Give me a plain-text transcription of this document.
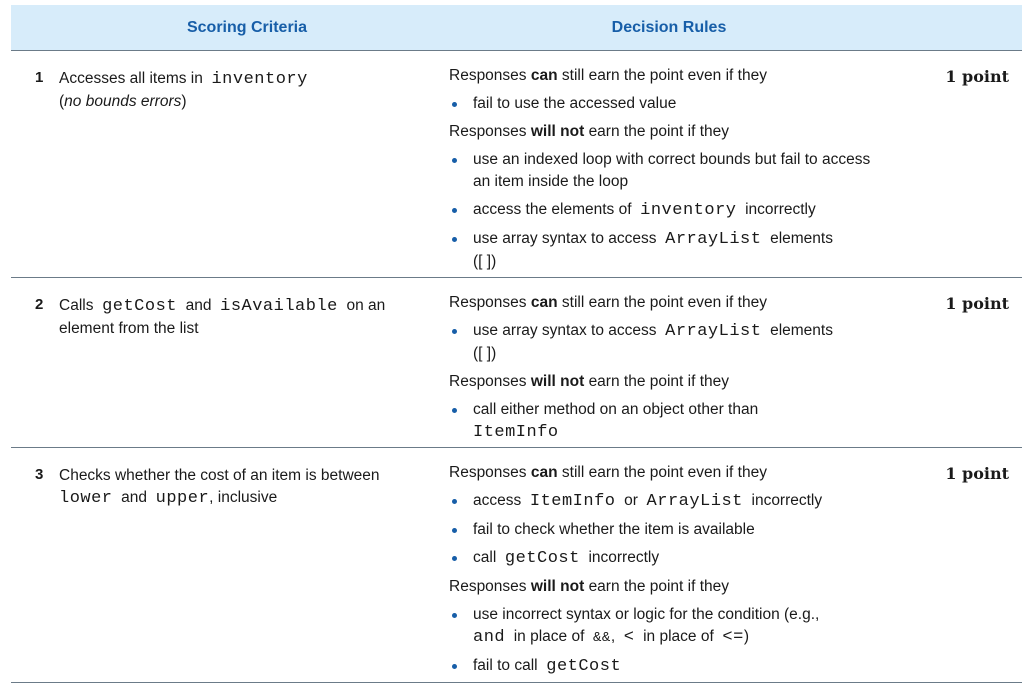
Scoring Criteria	Decision Rules
1 Accesses all items in inventory
(no bounds errors)
Responses can still earn the point even if they
fail to use the accessed value
Responses will not earn the point if they
use an indexed loop with correct bounds but fail to access an item inside the loop
access the elements of inventory incorrectly
use array syntax to access ArrayList elements
([ ])
1 point
2 Calls getCost and isAvailable on an element from the list
Responses can still earn the point even if they
use array syntax to access ArrayList elements
([ ])
Responses will not earn the point if they
call either method on an object other than
ItemInfo
1 point
3 Checks whether the cost of an item is between
lower and upper, inclusive
Responses can still earn the point even if they
access ItemInfo or ArrayList incorrectly
fail to check whether the item is available
call getCost incorrectly
Responses will not earn the point if they
use incorrect syntax or logic for the condition (e.g.,
and in place of &&, < in place of <=)
fail to call getCost
1 point
